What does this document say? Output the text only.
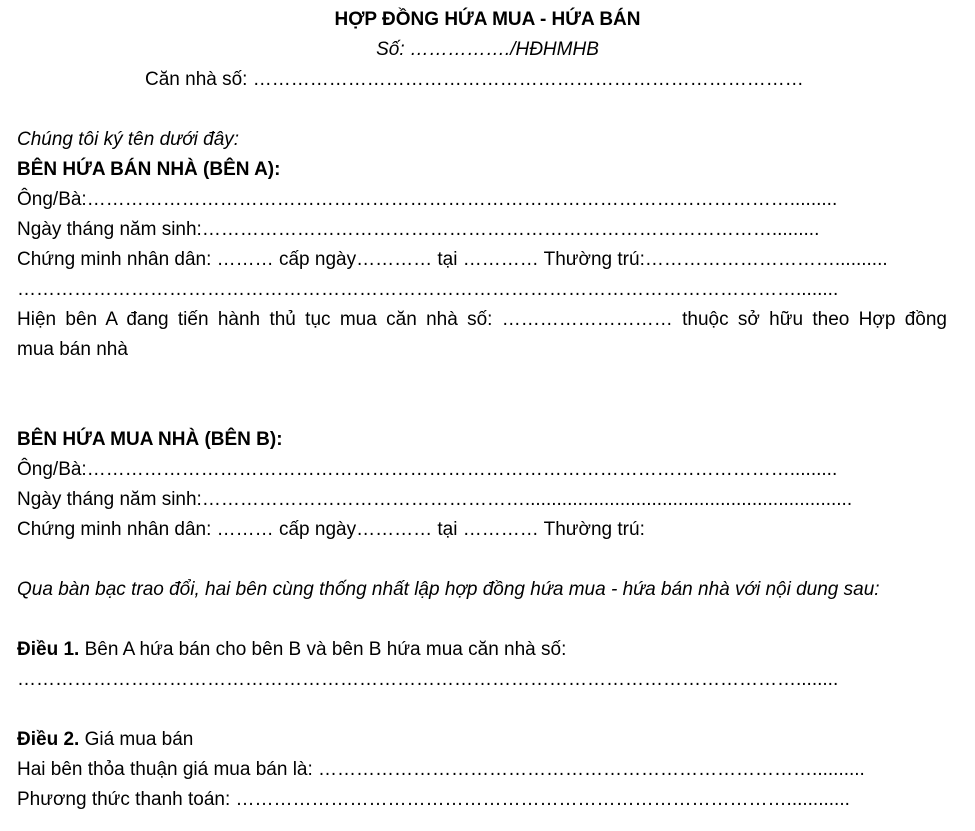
HỢP ĐỒNG HỨA MUA - HỨA BÁN
Số: ……………./HĐHMHB
Căn nhà số: ……………………………………………………………………………
Chúng tôi ký tên dưới đây:
BÊN HỨA BÁN NHÀ (BÊN A):
Ông/Bà:………………………………………………………………………………………………….........
Ngày tháng năm sinh:……………………………………………………………………………….........
Chứng minh nhân dân: ……… cấp ngày………… tại ………… Thường trú:…………………………..........
……………………………………………………………………………………………………………........
Hiện bên A đang tiến hành thủ tục mua căn nhà số: ……………………… thuộc sở hữu theo Hợp đồng
mua bán nhà
BÊN HỨA MUA NHÀ (BÊN B):
Ông/Bà:………………………………………………………………………………………………….........
Ngày tháng năm sinh:……………………………………………..............................................................
Chứng minh nhân dân: ……… cấp ngày………… tại ………… Thường trú:
Qua bàn bạc trao đổi, hai bên cùng thống nhất lập hợp đồng hứa mua - hứa bán nhà với nội dung sau:
Điều 1. Bên A hứa bán cho bên B và bên B hứa mua căn nhà số:
……………………………………………………………………………………………………………........
Điều 2. Giá mua bán
Hai bên thỏa thuận giá mua bán là: ……………………………………………………………………..........
Phương thức thanh toán: ……………………………………………………………………………............
